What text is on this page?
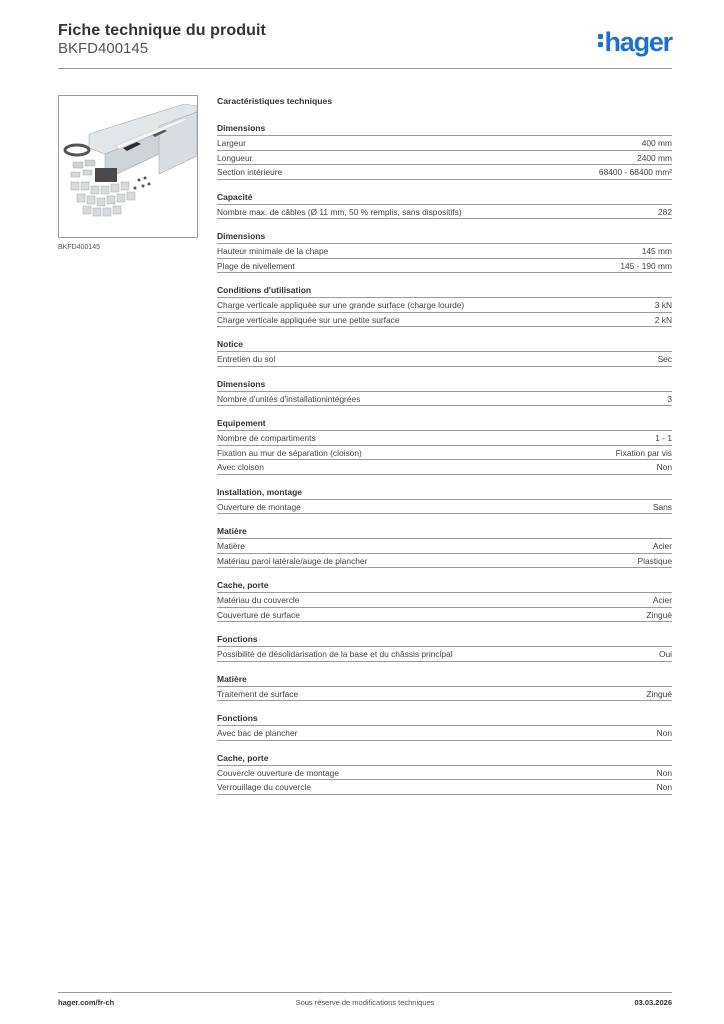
Fiche technique du produit
BKFD400145	hager
BKFD400145
Caractéristiques techniques
Dimensions
Largeur	400 mm
Longueur	2400 mm
Section intérieure	68400 - 68400 mm²
Capacité
Nombre max. de câbles (Ø 11 mm, 50 % remplis, sans dispositifs)	282
Dimensions
Hauteur minimale de la chape	145 mm
Plage de nivellement	145 - 190 mm
Conditions d'utilisation
Charge verticale appliquée sur une grande surface (charge lourde)	3 kN
Charge verticale appliquée sur une petite surface	2 kN
Notice
Entretien du sol	Sec
Dimensions
Nombre d'unités d'installationintégrées	3
Equipement
Nombre de compartiments	1 - 1
Fixation au mur de séparation (cloison)	Fixation par vis
Avec cloison	Non
Installation, montage
Ouverture de montage	Sans
Matière
Matière	Acier
Matériau paroi latérale/auge de plancher	Plastique
Cache, porte
Matériau du couvercle	Acier
Couverture de surface	Zingué
Fonctions
Possibilité de désolidarisation de la base et du châssis principal	Oui
Matière
Traitement de surface	Zingué
Fonctions
Avec bac de plancher	Non
Cache, porte
Couvercle ouverture de montage	Non
Verrouillage du couvercle	Non
hager.com/fr-ch	Sous réserve de modifications techniques	03.03.2026
